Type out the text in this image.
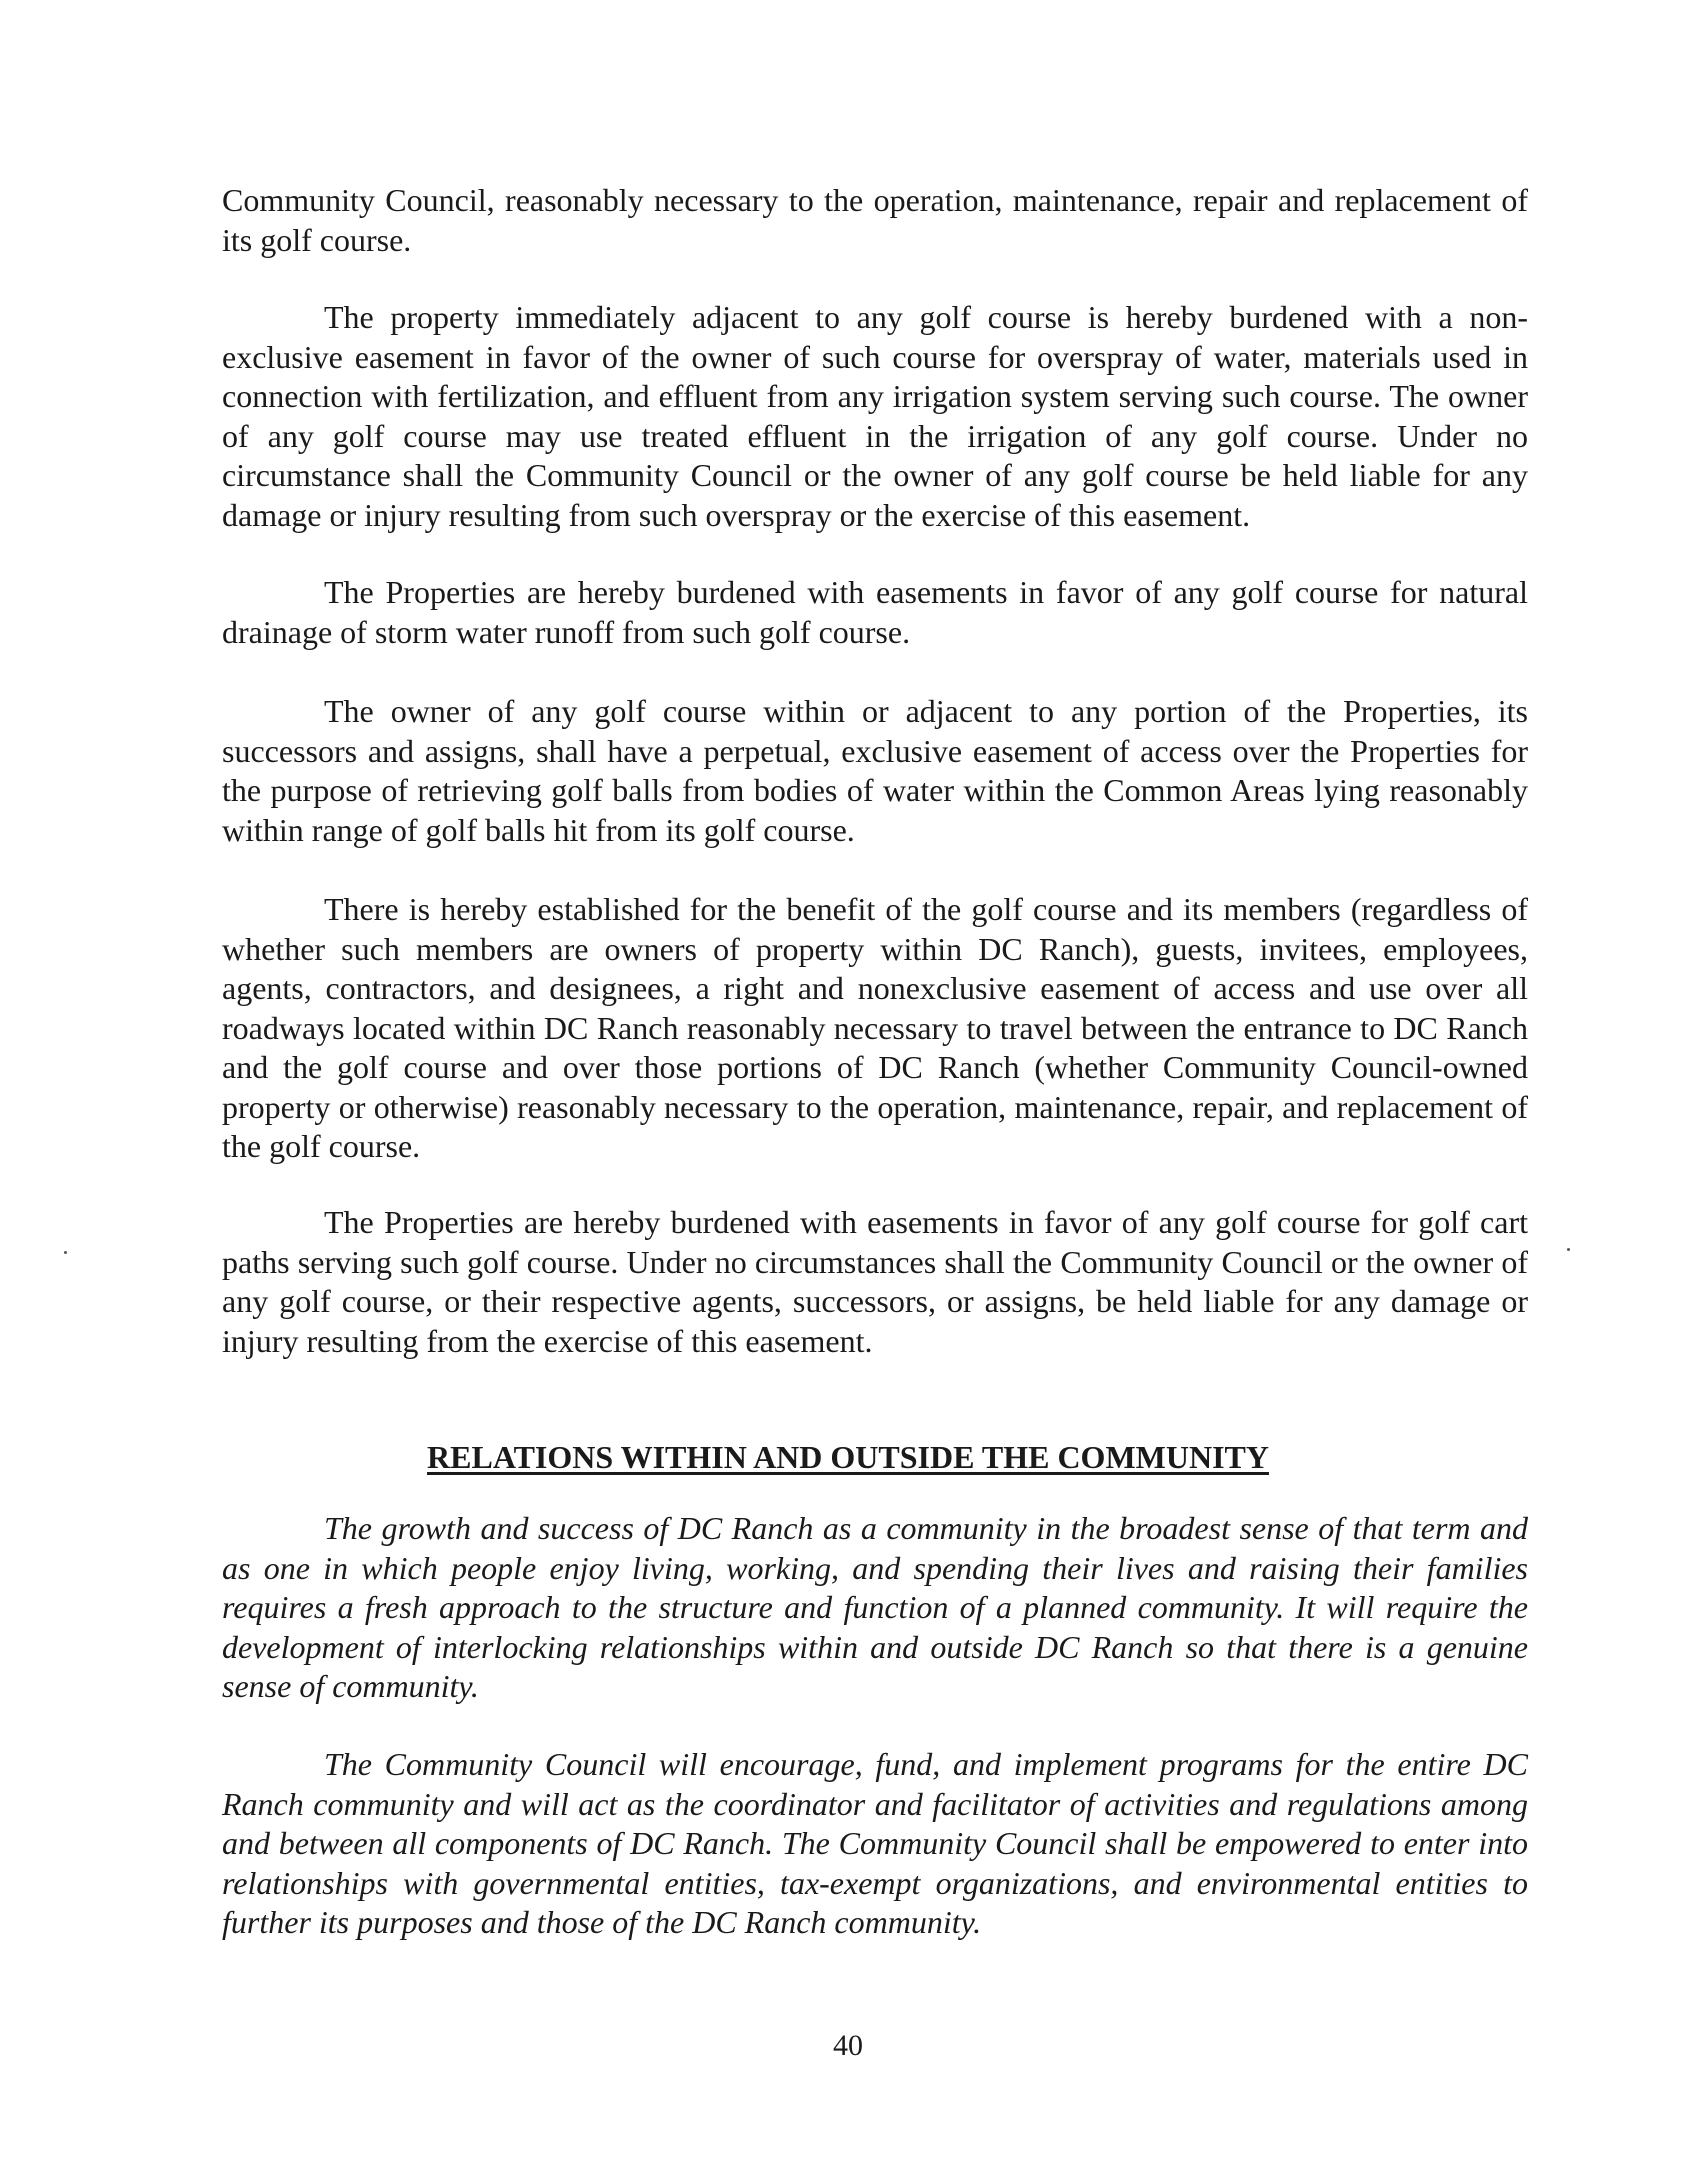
Community Council, reasonably necessary to the operation, maintenance, repair and replacement of its golf course.

The property immediately adjacent to any golf course is hereby burdened with a non-exclusive easement in favor of the owner of such course for overspray of water, materials used in connection with fertilization, and effluent from any irrigation system serving such course. The owner of any golf course may use treated effluent in the irrigation of any golf course. Under no circumstance shall the Community Council or the owner of any golf course be held liable for any damage or injury resulting from such overspray or the exercise of this easement.

The Properties are hereby burdened with easements in favor of any golf course for natural drainage of storm water runoff from such golf course.

The owner of any golf course within or adjacent to any portion of the Properties, its successors and assigns, shall have a perpetual, exclusive easement of access over the Properties for the purpose of retrieving golf balls from bodies of water within the Common Areas lying reasonably within range of golf balls hit from its golf course.

There is hereby established for the benefit of the golf course and its members (regardless of whether such members are owners of property within DC Ranch), guests, invitees, employees, agents, contractors, and designees, a right and nonexclusive easement of access and use over all roadways located within DC Ranch reasonably necessary to travel between the entrance to DC Ranch and the golf course and over those portions of DC Ranch (whether Community Council-owned property or otherwise) reasonably necessary to the operation, maintenance, repair, and replacement of the golf course.

The Properties are hereby burdened with easements in favor of any golf course for golf cart paths serving such golf course. Under no circumstances shall the Community Council or the owner of any golf course, or their respective agents, successors, or assigns, be held liable for any damage or injury resulting from the exercise of this easement.

RELATIONS WITHIN AND OUTSIDE THE COMMUNITY

The growth and success of DC Ranch as a community in the broadest sense of that term and as one in which people enjoy living, working, and spending their lives and raising their families requires a fresh approach to the structure and function of a planned community. It will require the development of interlocking relationships within and outside DC Ranch so that there is a genuine sense of community.

The Community Council will encourage, fund, and implement programs for the entire DC Ranch community and will act as the coordinator and facilitator of activities and regulations among and between all components of DC Ranch. The Community Council shall be empowered to enter into relationships with governmental entities, tax-exempt organizations, and environmental entities to further its purposes and those of the DC Ranch community.

40
